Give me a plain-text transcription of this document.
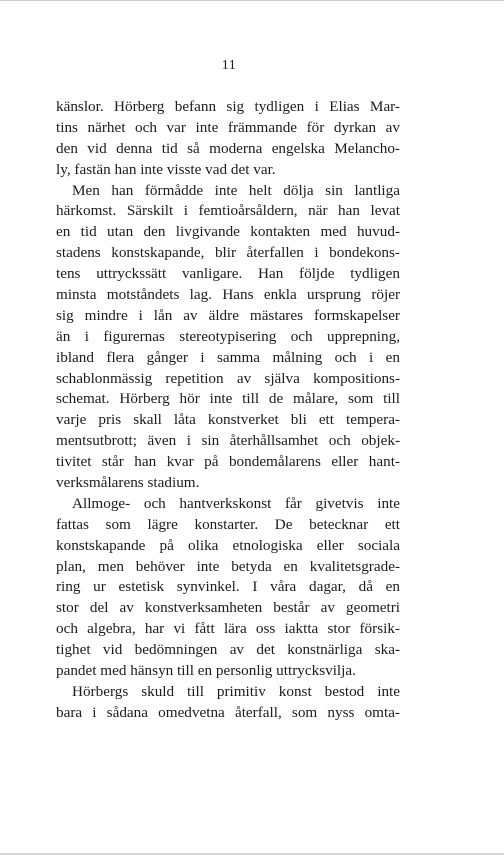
11
känslor. Hörberg befann sig tydligen i Elias Mar-
tins närhet och var inte främmande för dyrkan av
den vid denna tid så moderna engelska Melancho-
ly, fastän han inte visste vad det var.
Men han förmådde inte helt dölja sin lantliga
härkomst. Särskilt i femtioårsåldern, när han levat
en tid utan den livgivande kontakten med huvud-
stadens konstskapande, blir återfallen i bondekons-
tens uttryckssätt vanligare. Han följde tydligen
minsta motståndets lag. Hans enkla ursprung röjer
sig mindre i lån av äldre mästares formskapelser
än i figurernas stereotypisering och upprepning,
ibland flera gånger i samma målning och i en
schablonmässig repetition av själva kompositions-
schemat. Hörberg hör inte till de målare, som till
varje pris skall låta konstverket bli ett tempera-
mentsutbrott; även i sin återhållsamhet och objek-
tivitet står han kvar på bondemålarens eller hant-
verksmålarens stadium.
Allmoge- och hantverkskonst får givetvis inte
fattas som lägre konstarter. De betecknar ett
konstskapande på olika etnologiska eller sociala
plan, men behöver inte betyda en kvalitetsgrade-
ring ur estetisk synvinkel. I våra dagar, då en
stor del av konstverksamheten består av geometri
och algebra, har vi fått lära oss iaktta stor försik-
tighet vid bedömningen av det konstnärliga ska-
pandet med hänsyn till en personlig uttrycksvilja.
Hörbergs skuld till primitiv konst bestod inte
bara i sådana omedvetna återfall, som nyss omta-
